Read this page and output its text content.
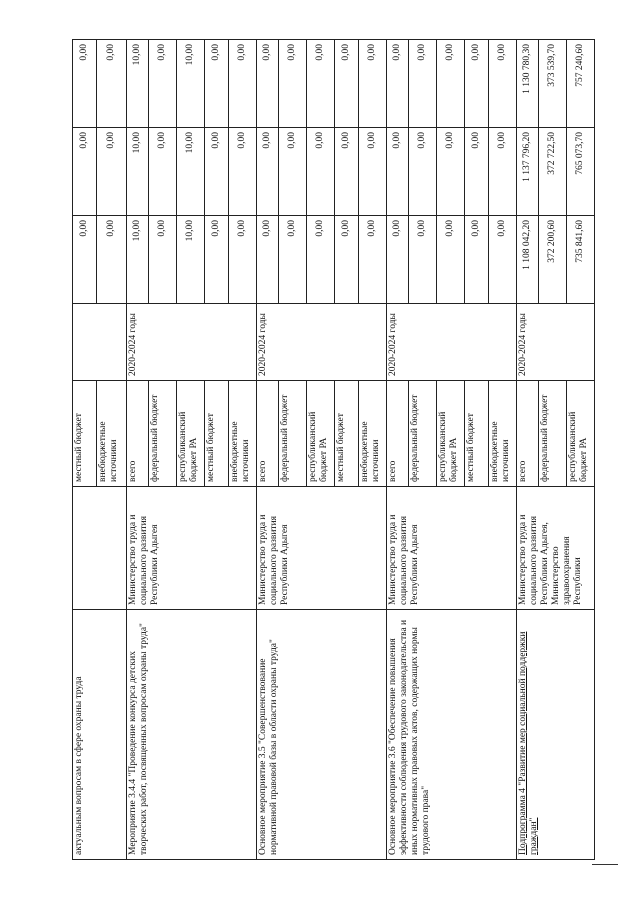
актуальным вопросам в сфере охраны труда		местный бюджет		0,00	0,00	0,00
		внебюджетные источники		0,00	0,00	0,00
Мероприятие 3.4.4 "Проведение конкурса детских творческих работ, посвященных вопросам охраны труда"	Министерство труда и социального развития Республики Адыгея	всего	2020-2024 годы	10,00	10,00	10,00
		федеральный бюджет		0,00	0,00	0,00
		республиканский бюджет РА		10,00	10,00	10,00
		местный бюджет		0,00	0,00	0,00
		внебюджетные источники		0,00	0,00	0,00
Основное мероприятие 3.5 "Совершенствование нормативной правовой базы в области охраны труда"	Министерство труда и социального развития Республики Адыгея	всего	2020-2024 годы	0,00	0,00	0,00
		федеральный бюджет		0,00	0,00	0,00
		республиканский бюджет РА		0,00	0,00	0,00
		местный бюджет		0,00	0,00	0,00
		внебюджетные источники		0,00	0,00	0,00
Основное мероприятие 3.6 "Обеспечение повышения эффективности соблюдения трудового законодательства и иных нормативных правовых актов, содержащих нормы трудового права"	Министерство труда и социального развития Республики Адыгея	всего	2020-2024 годы	0,00	0,00	0,00
		федеральный бюджет		0,00	0,00	0,00
		республиканский бюджет РА		0,00	0,00	0,00
		местный бюджет		0,00	0,00	0,00
		внебюджетные источники		0,00	0,00	0,00
Подпрограмма 4 "Развитие мер социальной поддержки граждан"	Министерство труда и социального развития Республики Адыгея, Министерство здравоохранения Республики	всего	2020-2024 годы	1 108 042,20	1 137 796,20	1 130 780,30
		федеральный бюджет		372 200,60	372 722,50	373 539,70
		республиканский бюджет РА		735 841,60	765 073,70	757 240,60
